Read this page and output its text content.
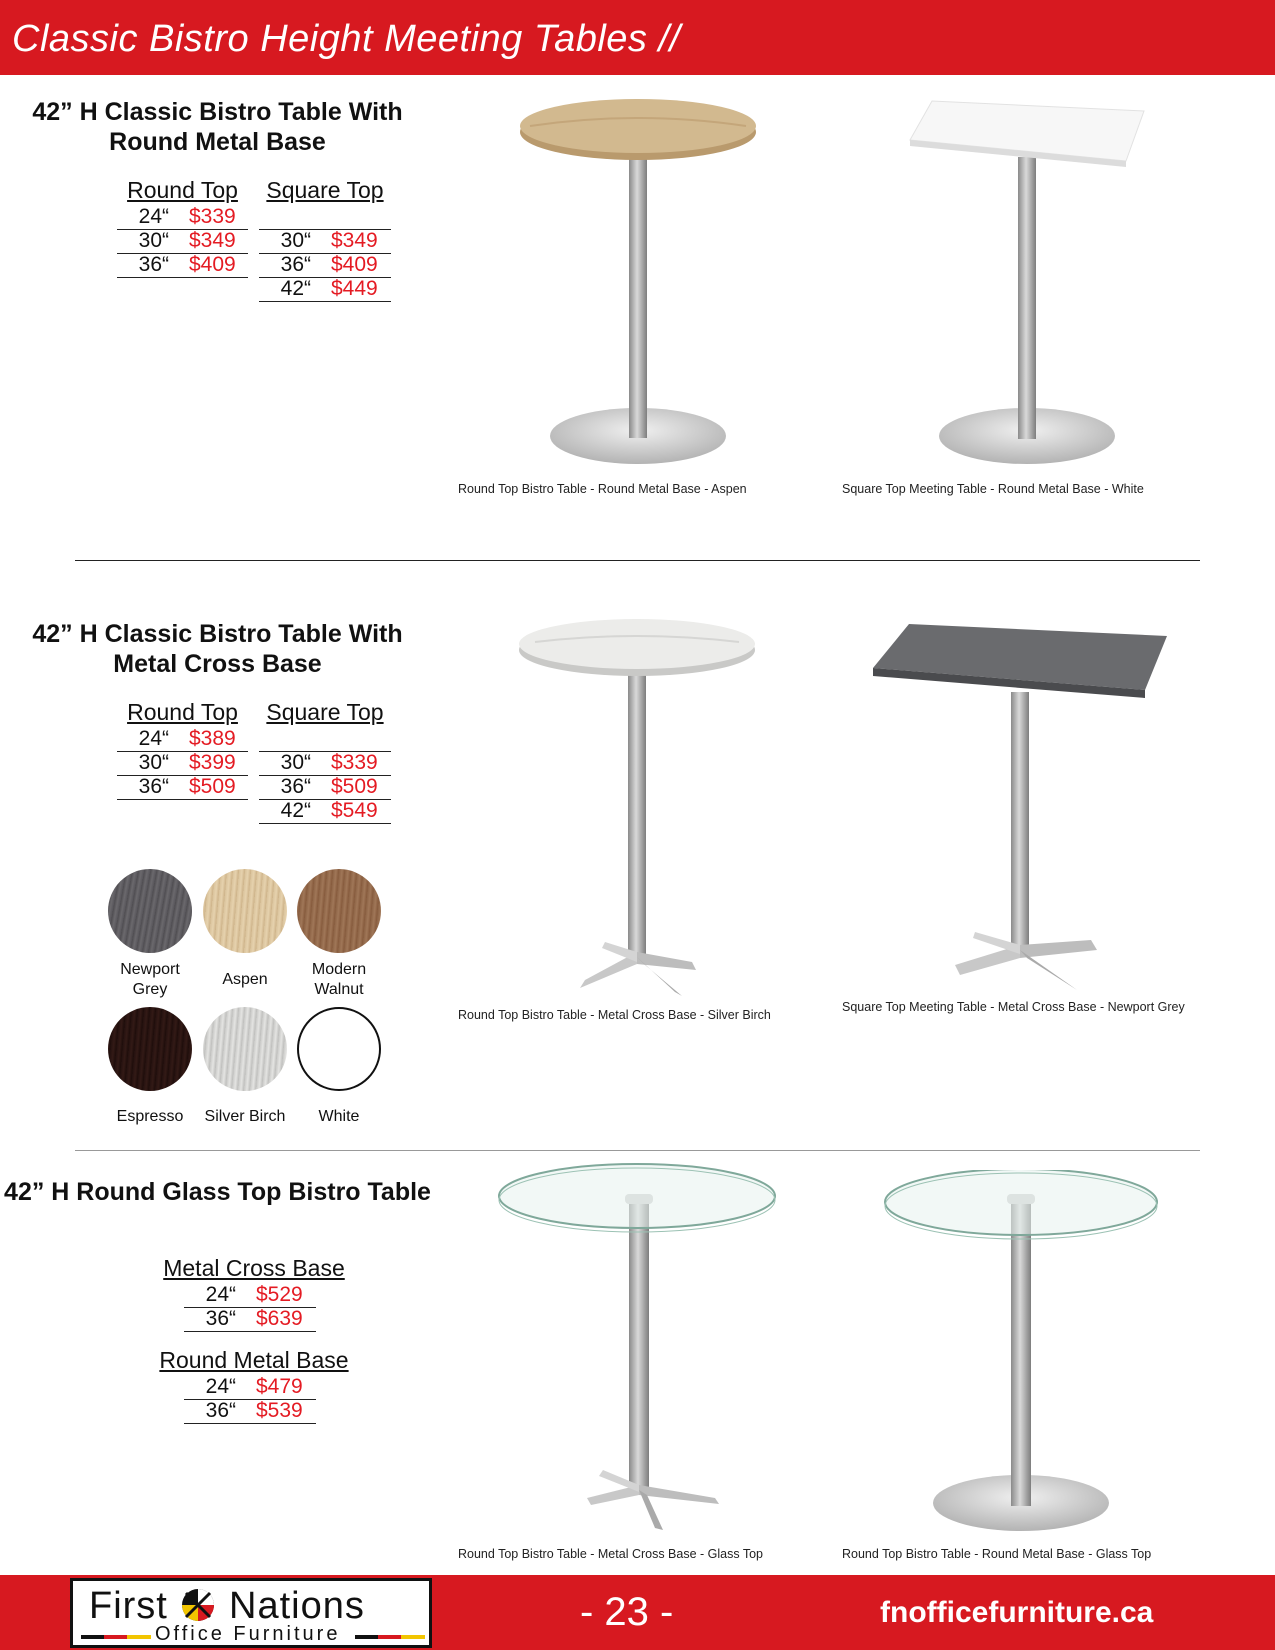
Classic Bistro Height Meeting Tables //
42” H Classic Bistro Table With
Round Metal Base
Round Top
24“ $339
30“ $349
36“ $409
Square Top
30“ $349
36“ $409
42“ $449
Round Top Bistro Table - Round Metal Base - Aspen	Square Top Meeting Table - Round Metal Base - White
42” H Classic Bistro Table With
Metal Cross Base
Round Top
24“ $389
30“ $399
36“ $509
Square Top
30“ $339
36“ $509
42“ $549
Newport
Grey
Aspen
Modern
Walnut
Espresso	Silver Birch	White
Round Top Bistro Table - Metal Cross Base - Silver Birch
Square Top Meeting Table - Metal Cross Base - Newport Grey
42” H Round Glass Top Bistro Table
Metal Cross Base
24“ $529
36“ $639
Round Metal Base
24“ $479
36“ $539
Round Top Bistro Table - Metal Cross Base - Glass Top	Round Top Bistro Table - Round Metal Base - Glass Top
First Nations
Office Furniture	- 23 -	fnofficefurniture.ca
